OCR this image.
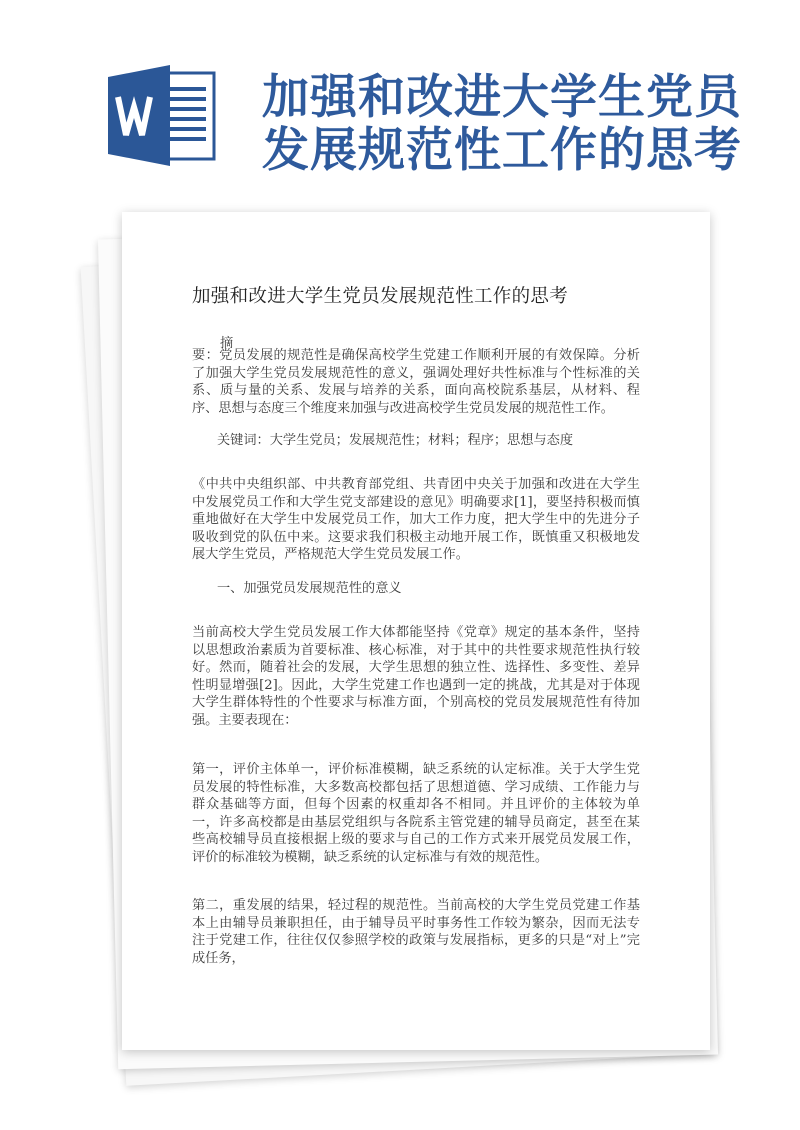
加强和改进大学生党员
发展规范性工作的思考
加强和改进大学生党员发展规范性工作的思考
摘
要：党员发展的规范性是确保高校学生党建工作顺利开展的有效保障。分析了加强大学生党员发展规范性的意义，强调处理好共性标准与个性标准的关系、质与量的关系、发展与培养的关系，面向高校院系基层，从材料、程序、思想与态度三个维度来加强与改进高校学生党员发展的规范性工作。
关键词：大学生党员；发展规范性；材料；程序；思想与态度
《中共中央组织部、中共教育部党组、共青团中央关于加强和改进在大学生中发展党员工作和大学生党支部建设的意见》明确要求[1]，要坚持积极而慎重地做好在大学生中发展党员工作，加大工作力度，把大学生中的先进分子吸收到党的队伍中来。这要求我们积极主动地开展工作，既慎重又积极地发展大学生党员，严格规范大学生党员发展工作。
一、加强党员发展规范性的意义
当前高校大学生党员发展工作大体都能坚持《党章》规定的基本条件，坚持以思想政治素质为首要标准、核心标准，对于其中的共性要求规范性执行较好。然而，随着社会的发展，大学生思想的独立性、选择性、多变性、差异性明显增强[2]。因此，大学生党建工作也遇到一定的挑战，尤其是对于体现大学生群体特性的个性要求与标准方面，个别高校的党员发展规范性有待加强。主要表现在：
第一，评价主体单一，评价标准模糊，缺乏系统的认定标准。关于大学生党员发展的特性标准，大多数高校都包括了思想道德、学习成绩、工作能力与群众基础等方面，但每个因素的权重却各不相同。并且评价的主体较为单一，许多高校都是由基层党组织与各院系主管党建的辅导员商定，甚至在某些高校辅导员直接根据上级的要求与自己的工作方式来开展党员发展工作，评价的标准较为模糊，缺乏系统的认定标准与有效的规范性。
第二，重发展的结果，轻过程的规范性。当前高校的大学生党员党建工作基本上由辅导员兼职担任，由于辅导员平时事务性工作较为繁杂，因而无法专注于党建工作，往往仅仅参照学校的政策与发展指标，更多的只是“对上”完成任务，
